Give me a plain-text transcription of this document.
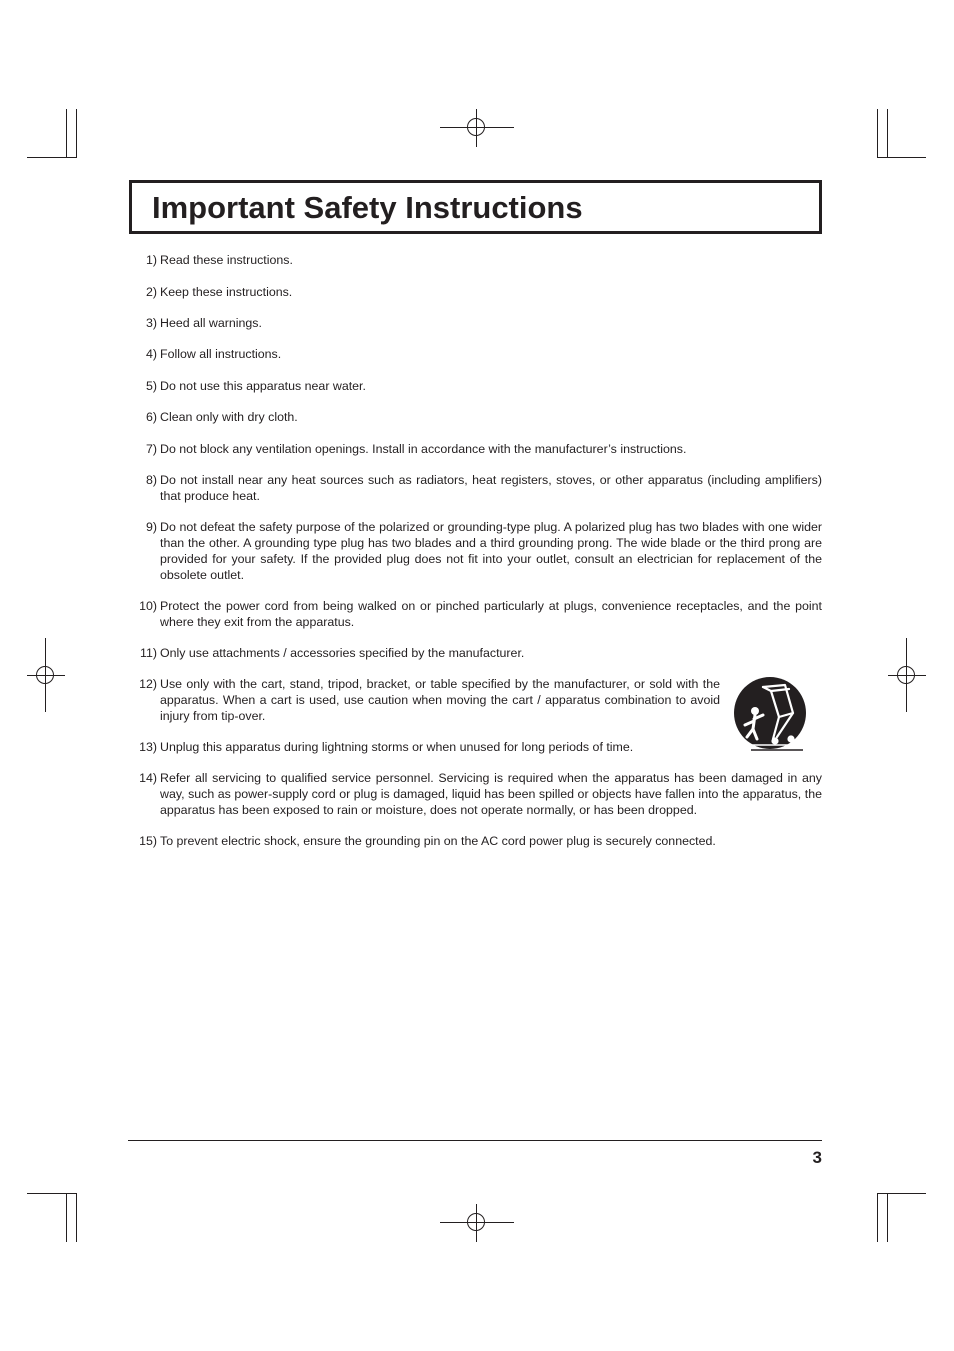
Important Safety Instructions
1) Read these instructions.
2) Keep these instructions.
3) Heed all warnings.
4) Follow all instructions.
5) Do not use this apparatus near water.
6) Clean only with dry cloth.
7) Do not block any ventilation openings. Install in accordance with the manufacturer’s instructions.
8) Do not install near any heat sources such as radiators, heat registers, stoves, or other apparatus (including amplifiers) that produce heat.
9) Do not defeat the safety purpose of the polarized or grounding-type plug. A polarized plug has two blades with one wider than the other. A grounding type plug has two blades and a third grounding prong. The wide blade or the third prong are provided for your safety. If the provided plug does not fit into your outlet, consult an electrician for replacement of the obsolete outlet.
10) Protect the power cord from being walked on or pinched particularly at plugs, convenience receptacles, and the point where they exit from the apparatus.
11) Only use attachments / accessories specified by the manufacturer.
12) Use only with the cart, stand, tripod, bracket, or table specified by the manufacturer, or sold with the apparatus. When a cart is used, use caution when moving the cart / apparatus combination to avoid injury from tip-over.
13) Unplug this apparatus during lightning storms or when unused for long periods of time.
14) Refer all servicing to qualified service personnel. Servicing is required when the apparatus has been damaged in any way, such as power-supply cord or plug is damaged, liquid has been spilled or objects have fallen into the apparatus, the apparatus has been exposed to rain or moisture, does not operate normally, or has been dropped.
15) To prevent electric shock, ensure the grounding pin on the AC cord power plug is securely connected.
3
